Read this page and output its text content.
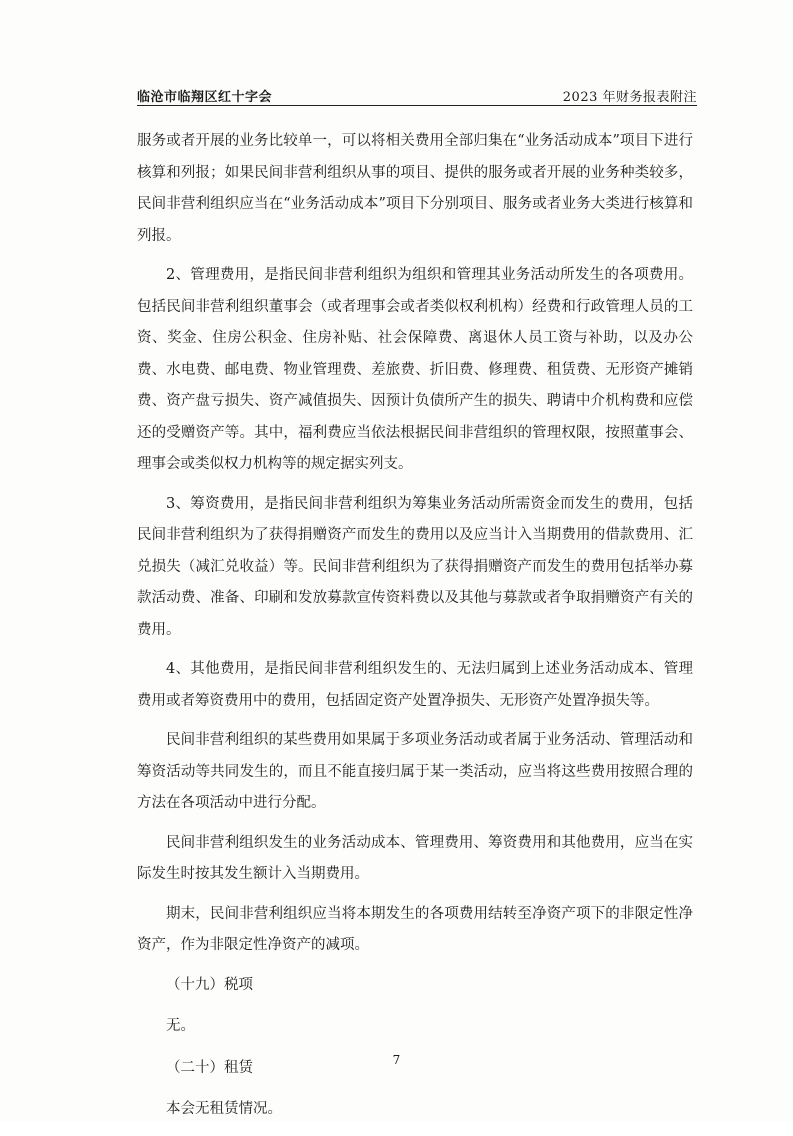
临沧市临翔区红十字会	2023 年财务报表附注

服务或者开展的业务比较单一，可以将相关费用全部归集在“业务活动成本”项目下进行核算和列报；如果民间非营利组织从事的项目、提供的服务或者开展的业务种类较多，民间非营利组织应当在“业务活动成本”项目下分别项目、服务或者业务大类进行核算和列报。

2、管理费用，是指民间非营利组织为组织和管理其业务活动所发生的各项费用。包括民间非营利组织董事会（或者理事会或者类似权利机构）经费和行政管理人员的工资、奖金、住房公积金、住房补贴、社会保障费、离退休人员工资与补助，以及办公费、水电费、邮电费、物业管理费、差旅费、折旧费、修理费、租赁费、无形资产摊销费、资产盘亏损失、资产减值损失、因预计负债所产生的损失、聘请中介机构费和应偿还的受赠资产等。其中，福利费应当依法根据民间非营组织的管理权限，按照董事会、理事会或类似权力机构等的规定据实列支。

3、筹资费用，是指民间非营利组织为筹集业务活动所需资金而发生的费用，包括民间非营利组织为了获得捐赠资产而发生的费用以及应当计入当期费用的借款费用、汇兑损失（减汇兑收益）等。民间非营利组织为了获得捐赠资产而发生的费用包括举办募款活动费、准备、印刷和发放募款宣传资料费以及其他与募款或者争取捐赠资产有关的费用。

4、其他费用，是指民间非营利组织发生的、无法归属到上述业务活动成本、管理费用或者筹资费用中的费用，包括固定资产处置净损失、无形资产处置净损失等。

民间非营利组织的某些费用如果属于多项业务活动或者属于业务活动、管理活动和筹资活动等共同发生的，而且不能直接归属于某一类活动，应当将这些费用按照合理的方法在各项活动中进行分配。

民间非营利组织发生的业务活动成本、管理费用、筹资费用和其他费用，应当在实际发生时按其发生额计入当期费用。

期末，民间非营利组织应当将本期发生的各项费用结转至净资产项下的非限定性净资产，作为非限定性净资产的减项。

（十九）税项

无。

（二十）租赁

本会无租赁情况。

7
